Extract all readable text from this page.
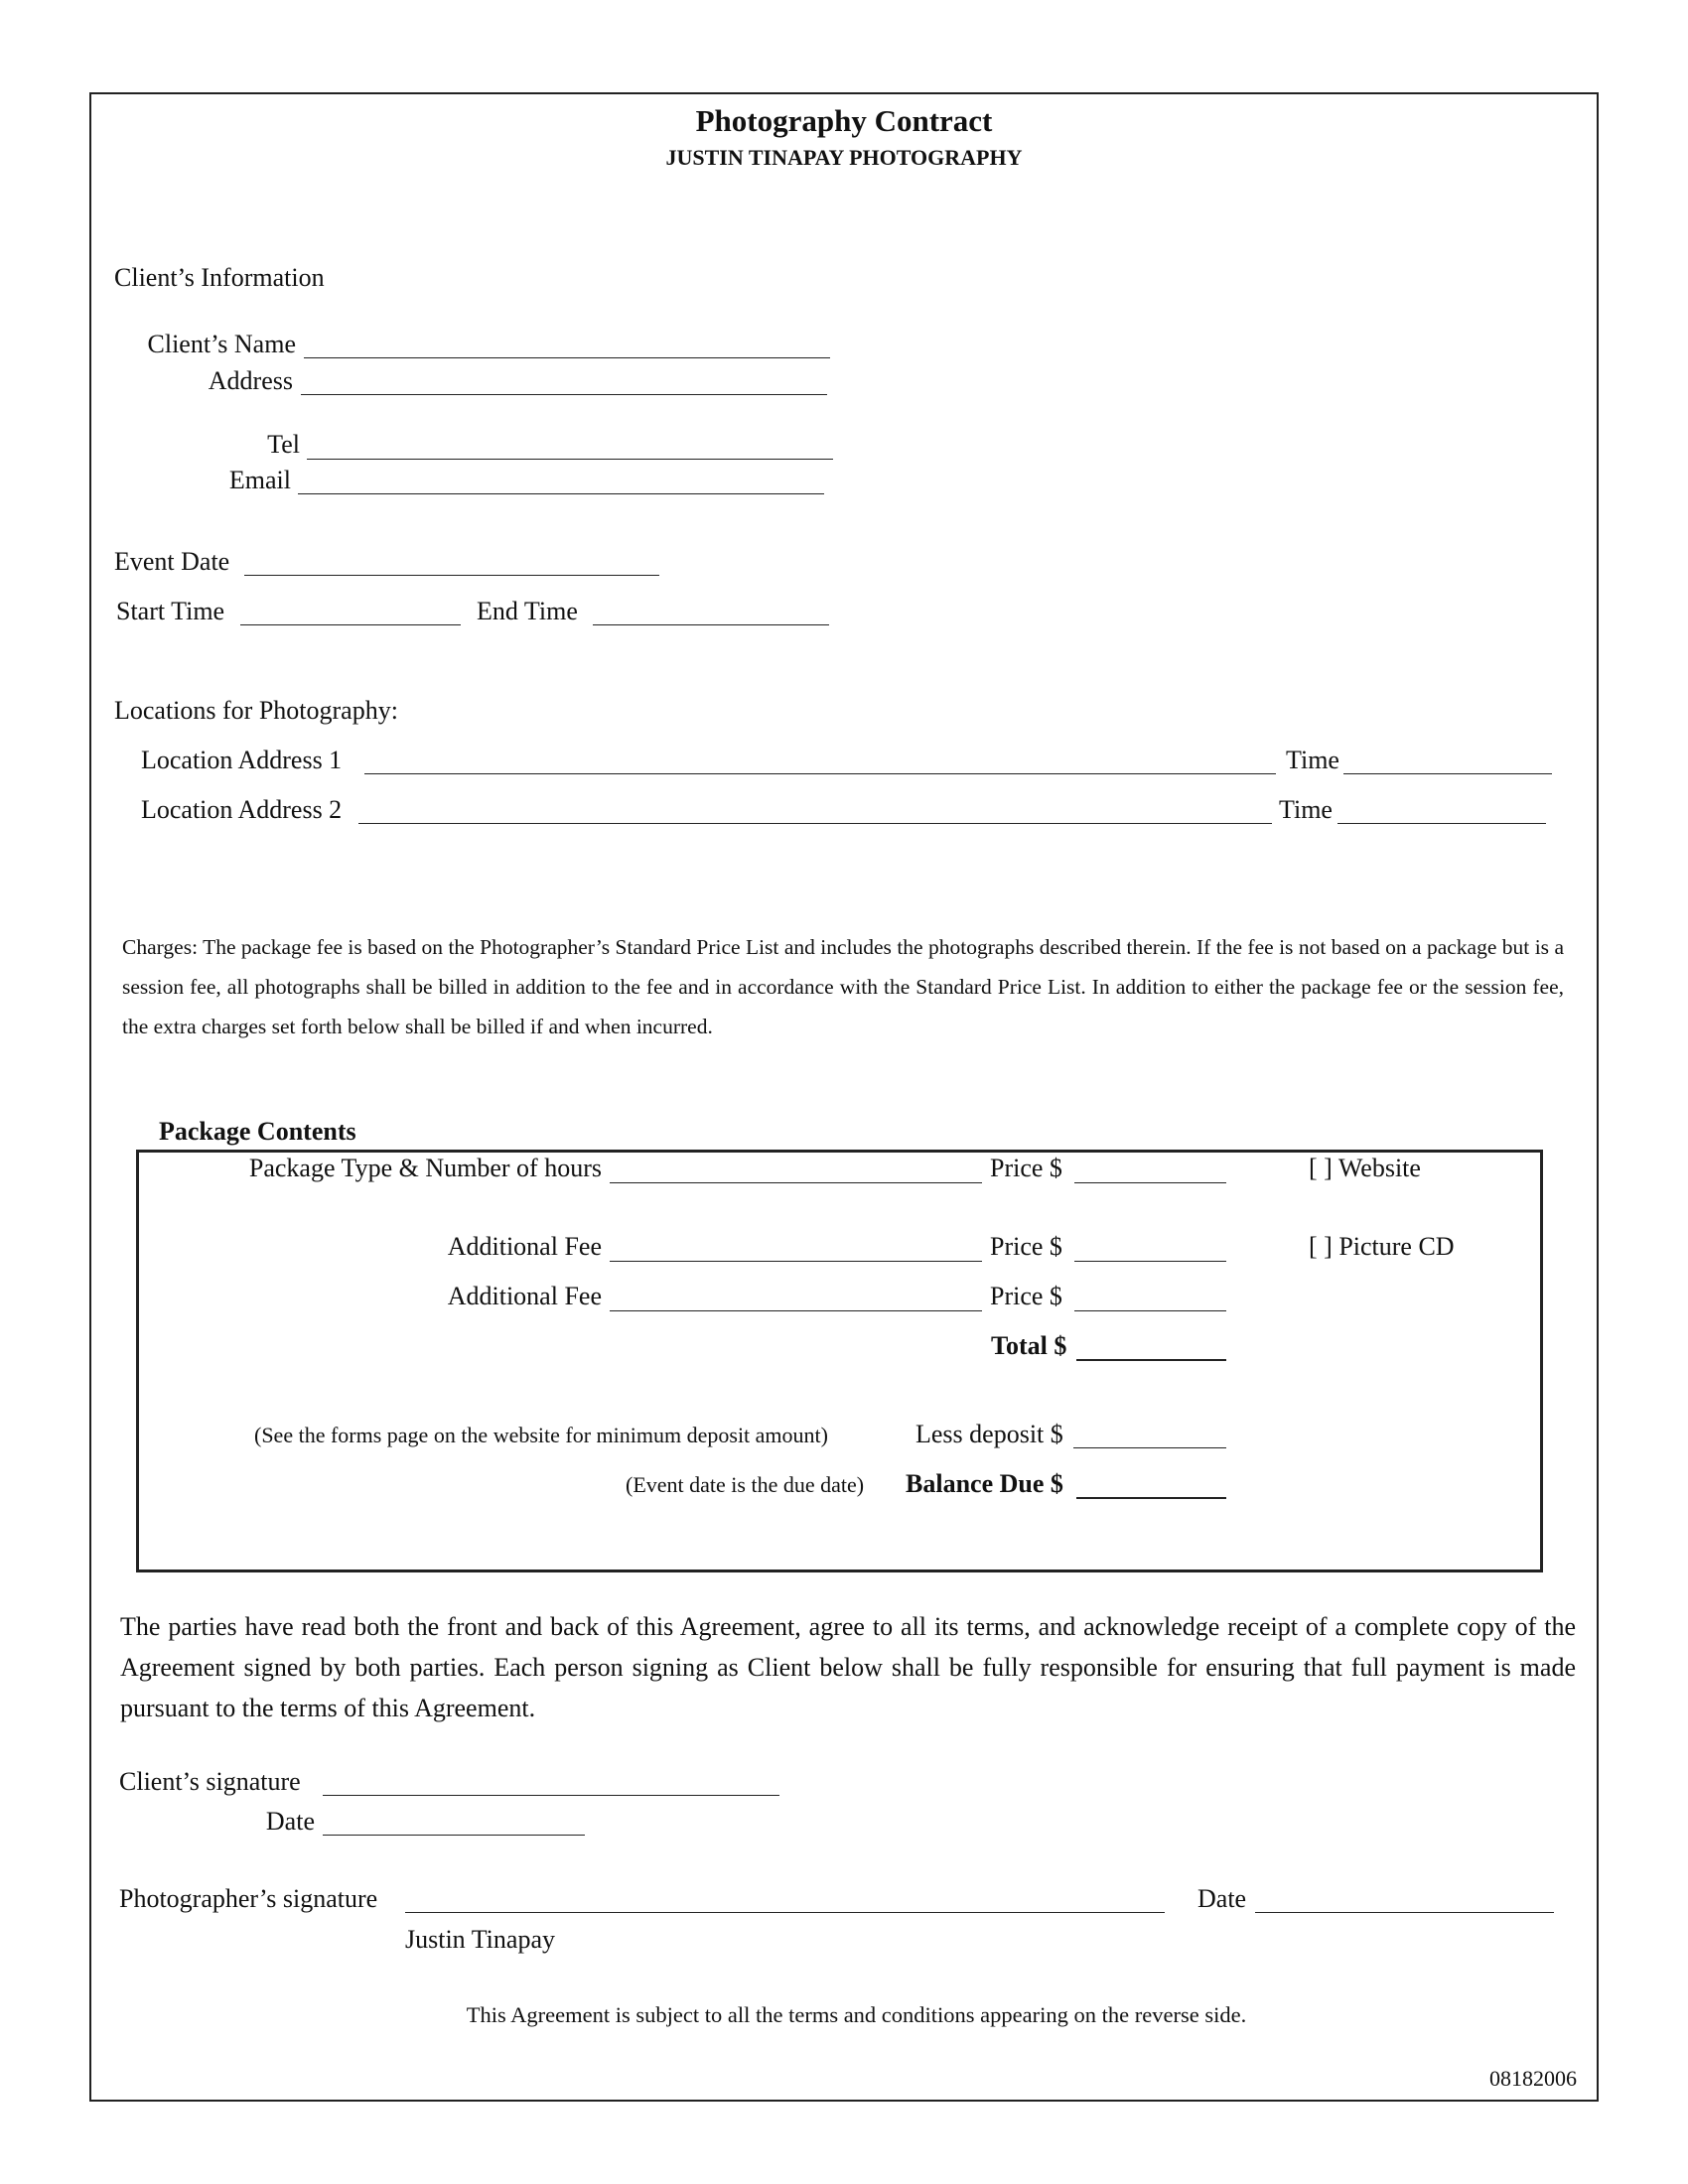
Photography Contract
JUSTIN TINAPAY PHOTOGRAPHY
Client’s Information
Client’s Name
Address
Tel
Email
Event Date
Start Time	End Time
Locations for Photography:
Location Address 1	Time
Location Address 2	Time
Charges: The package fee is based on the Photographer’s Standard Price List and includes the photographs described therein. If the fee is not based on a package but is a session fee, all photographs shall be billed in addition to the fee and in accordance with the Standard Price List. In addition to either the package fee or the session fee, the extra charges set forth below shall be billed if and when incurred.
Package Contents
Package Type & Number of hours	Price $	[ ] Website
Additional Fee	Price $	[ ] Picture CD
Additional Fee	Price $
Total $
(See the forms page on the website for minimum deposit amount)	Less deposit $
(Event date is the due date) Balance Due $
The parties have read both the front and back of this Agreement, agree to all its terms, and acknowledge receipt of a complete copy of the Agreement signed by both parties. Each person signing as Client below shall be fully responsible for ensuring that full payment is made pursuant to the terms of this Agreement.
Client’s signature
Date
Photographer’s signature	Date
Justin Tinapay
This Agreement is subject to all the terms and conditions appearing on the reverse side.
08182006
